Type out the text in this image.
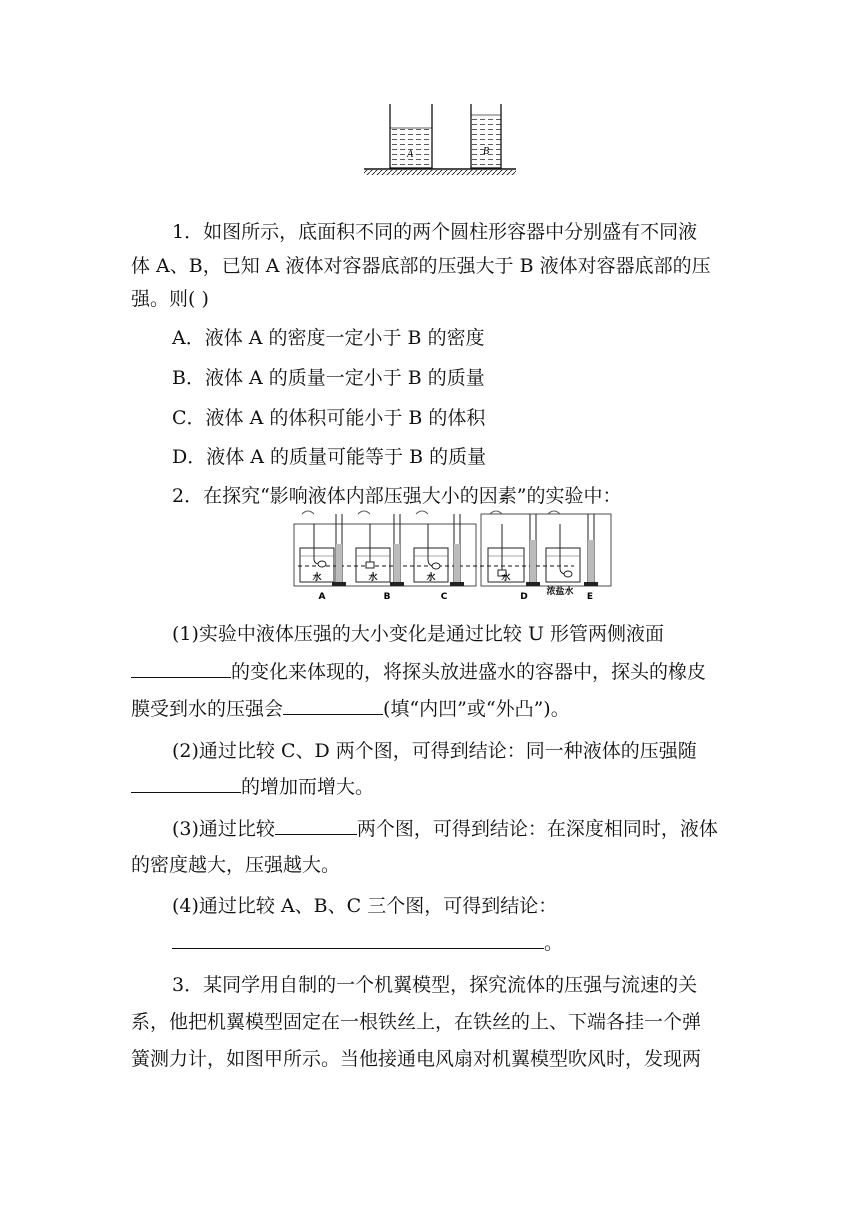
A	B
1．如图所示，底面积不同的两个圆柱形容器中分别盛有不同液
体 A、B，已知 A 液体对容器底部的压强大于 B 液体对容器底部的压
强。则( )
A．液体 A 的密度一定小于 B 的密度
B．液体 A 的质量一定小于 B 的质量
C．液体 A 的体积可能小于 B 的体积
D．液体 A 的质量可能等于 B 的质量
2．在探究“影响液体内部压强大小的因素”的实验中：
水	水	水	水
浓盐水
A	B	C	D	E
(1)实验中液体压强的大小变化是通过比较 U 形管两侧液面
的变化来体现的，将探头放进盛水的容器中，探头的橡皮
膜受到水的压强会	(填“内凹”或“外凸”)。
(2)通过比较 C、D 两个图，可得到结论：同一种液体的压强随
的增加而增大。
(3)通过比较	两个图，可得到结论：在深度相同时，液体
的密度越大，压强越大。
(4)通过比较 A、B、C 三个图，可得到结论：
。
3．某同学用自制的一个机翼模型，探究流体的压强与流速的关
系，他把机翼模型固定在一根铁丝上，在铁丝的上、下端各挂一个弹
簧测力计，如图甲所示。当他接通电风扇对机翼模型吹风时，发现两
